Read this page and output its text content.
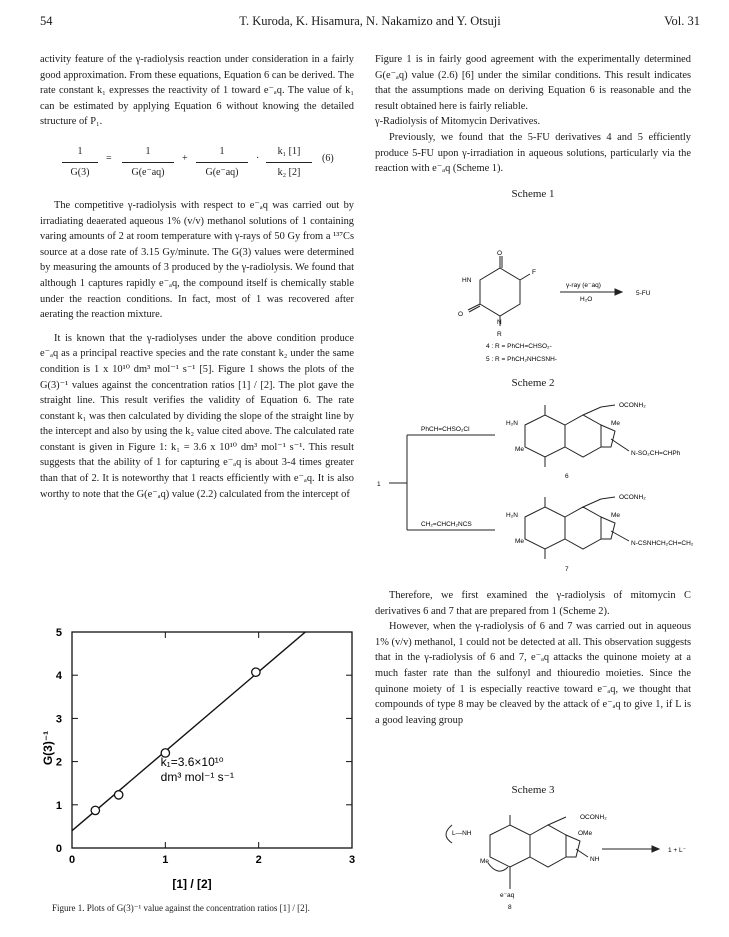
54	T. Kuroda, K. Hisamura, N. Nakamizo and Y. Otsuji	Vol. 31

activity feature of the γ-radiolysis reaction under consideration in a fairly good approximation. From these equations, Equation 6 can be derived. The rate constant k₁ expresses the reactivity of 1 toward e⁻ₐq. The value of k₁ can be estimated by applying Equation 6 without knowing the detailed structure of P₁.

$\frac{1}{G(3)} = \frac{1}{G(e^-aq)} + \frac{1}{G(e^-aq)} \cdot \frac{\text{k₁ [1]}}{\text{k₂ [2]}} (6)$

The competitive γ-radiolysis with respect to e⁻ₐq was carried out by irradiating deaerated aqueous 1% (v/v) methanol solutions of 1 containing varing amounts of 2 at room temperature with γ-rays of 50 Gy from a ¹³⁷Cs source at a dose rate of 3.15 Gy/minute. The G(3) values were determined by measuring the amounts of 3 produced by the γ-radiolysis. We found that although 1 captures rapidly e⁻ₐq, the compound itself is chemically stable under the reaction conditions. In fact, most of 1 was recovered after aerating the reaction mixture.

It is known that the γ-radiolyses under the above condition produce e⁻ₐq as a principal reactive species and the rate constant k₂ under the same condition is 1 x 10¹⁰ dm³ mol⁻¹ s⁻¹ [5]. Figure 1 shows the plots of the G(3)⁻¹ values against the concentration ratios [1] / [2]. The plot gave the straight line. This result verifies the validity of Equation 6. The rate constant k₁ was then calculated by dividing the slope of the straight line by the intercept and also by using the k₂ value cited above. The calculated rate constant is given in Figure 1: k₁ = 3.6 x 10¹⁰ dm³ mol⁻¹ s⁻¹. This result suggests that the ability of 1 for capturing e⁻ₐq is about 3-4 times greater than that of 2. It is noteworthy that 1 reacts efficiently with e⁻ₐq. It is also worthy to note that the G(e⁻ₐq) value (2.2) calculated from the intercept of

0	1	2	3
0
1
2
3
4
5
[1] / [2]
G(3)⁻¹	k₁=3.6×10¹⁰
dm³ mol⁻¹ s⁻¹
Figure 1. Plots of G(3)⁻¹ value against the concentration ratios [1] / [2].

Figure 1 is in fairly good agreement with the experimentally determined G(e⁻ₐq) value (2.6) [6] under the similar conditions. This result indicates that the assumptions made on deriving Equation 6 is reasonable and the result obtained here is fairly reliable.

γ-Radiolysis of Mitomycin Derivatives.

Previously, we found that the 5-FU derivatives 4 and 5 efficiently produce 5-FU upon γ-irradiation in aqueous solutions, particularly via the reaction with e⁻ₐq (Scheme 1).

Scheme 1
O
O
F
HN
N
R
γ-ray (e⁻aq)
H₂O
5-FU
4 : R = PhCH=CHSO₂-
5 : R = PhCH₂NHCSNH-
Scheme 2
1
PhCH=CHSO₂Cl
CH₂=CHCH₂NCS
H₂N
OCONH₂
Me
Me
N-SO₂CH=CHPh
6
H₂N
OCONH₂
Me
Me	N-CSNHCH₂CH=CH₂
7

Therefore, we first examined the γ-radiolysis of mitomycin C derivatives 6 and 7 that are prepared from 1 (Scheme 2).

However, when the γ-radiolysis of 6 and 7 was carried out in aqueous 1% (v/v) methanol, 1 could not be detected at all. This observation suggests that in the γ-radiolysis of 6 and 7, e⁻ₐq attacks the quinone moiety at a much faster rate than the sulfonyl and thiourediо moieties. Since the quinone moiety of 1 is especially reactive toward e⁻ₐq, we thought that compounds of type 8 may be cleaved by the attack of e⁻ₐq to give 1, if L is a good leaving group

Scheme 3
L—NH
OCONH₂
OMe
Me	NH
e⁻aq
8
1 + L⁻
